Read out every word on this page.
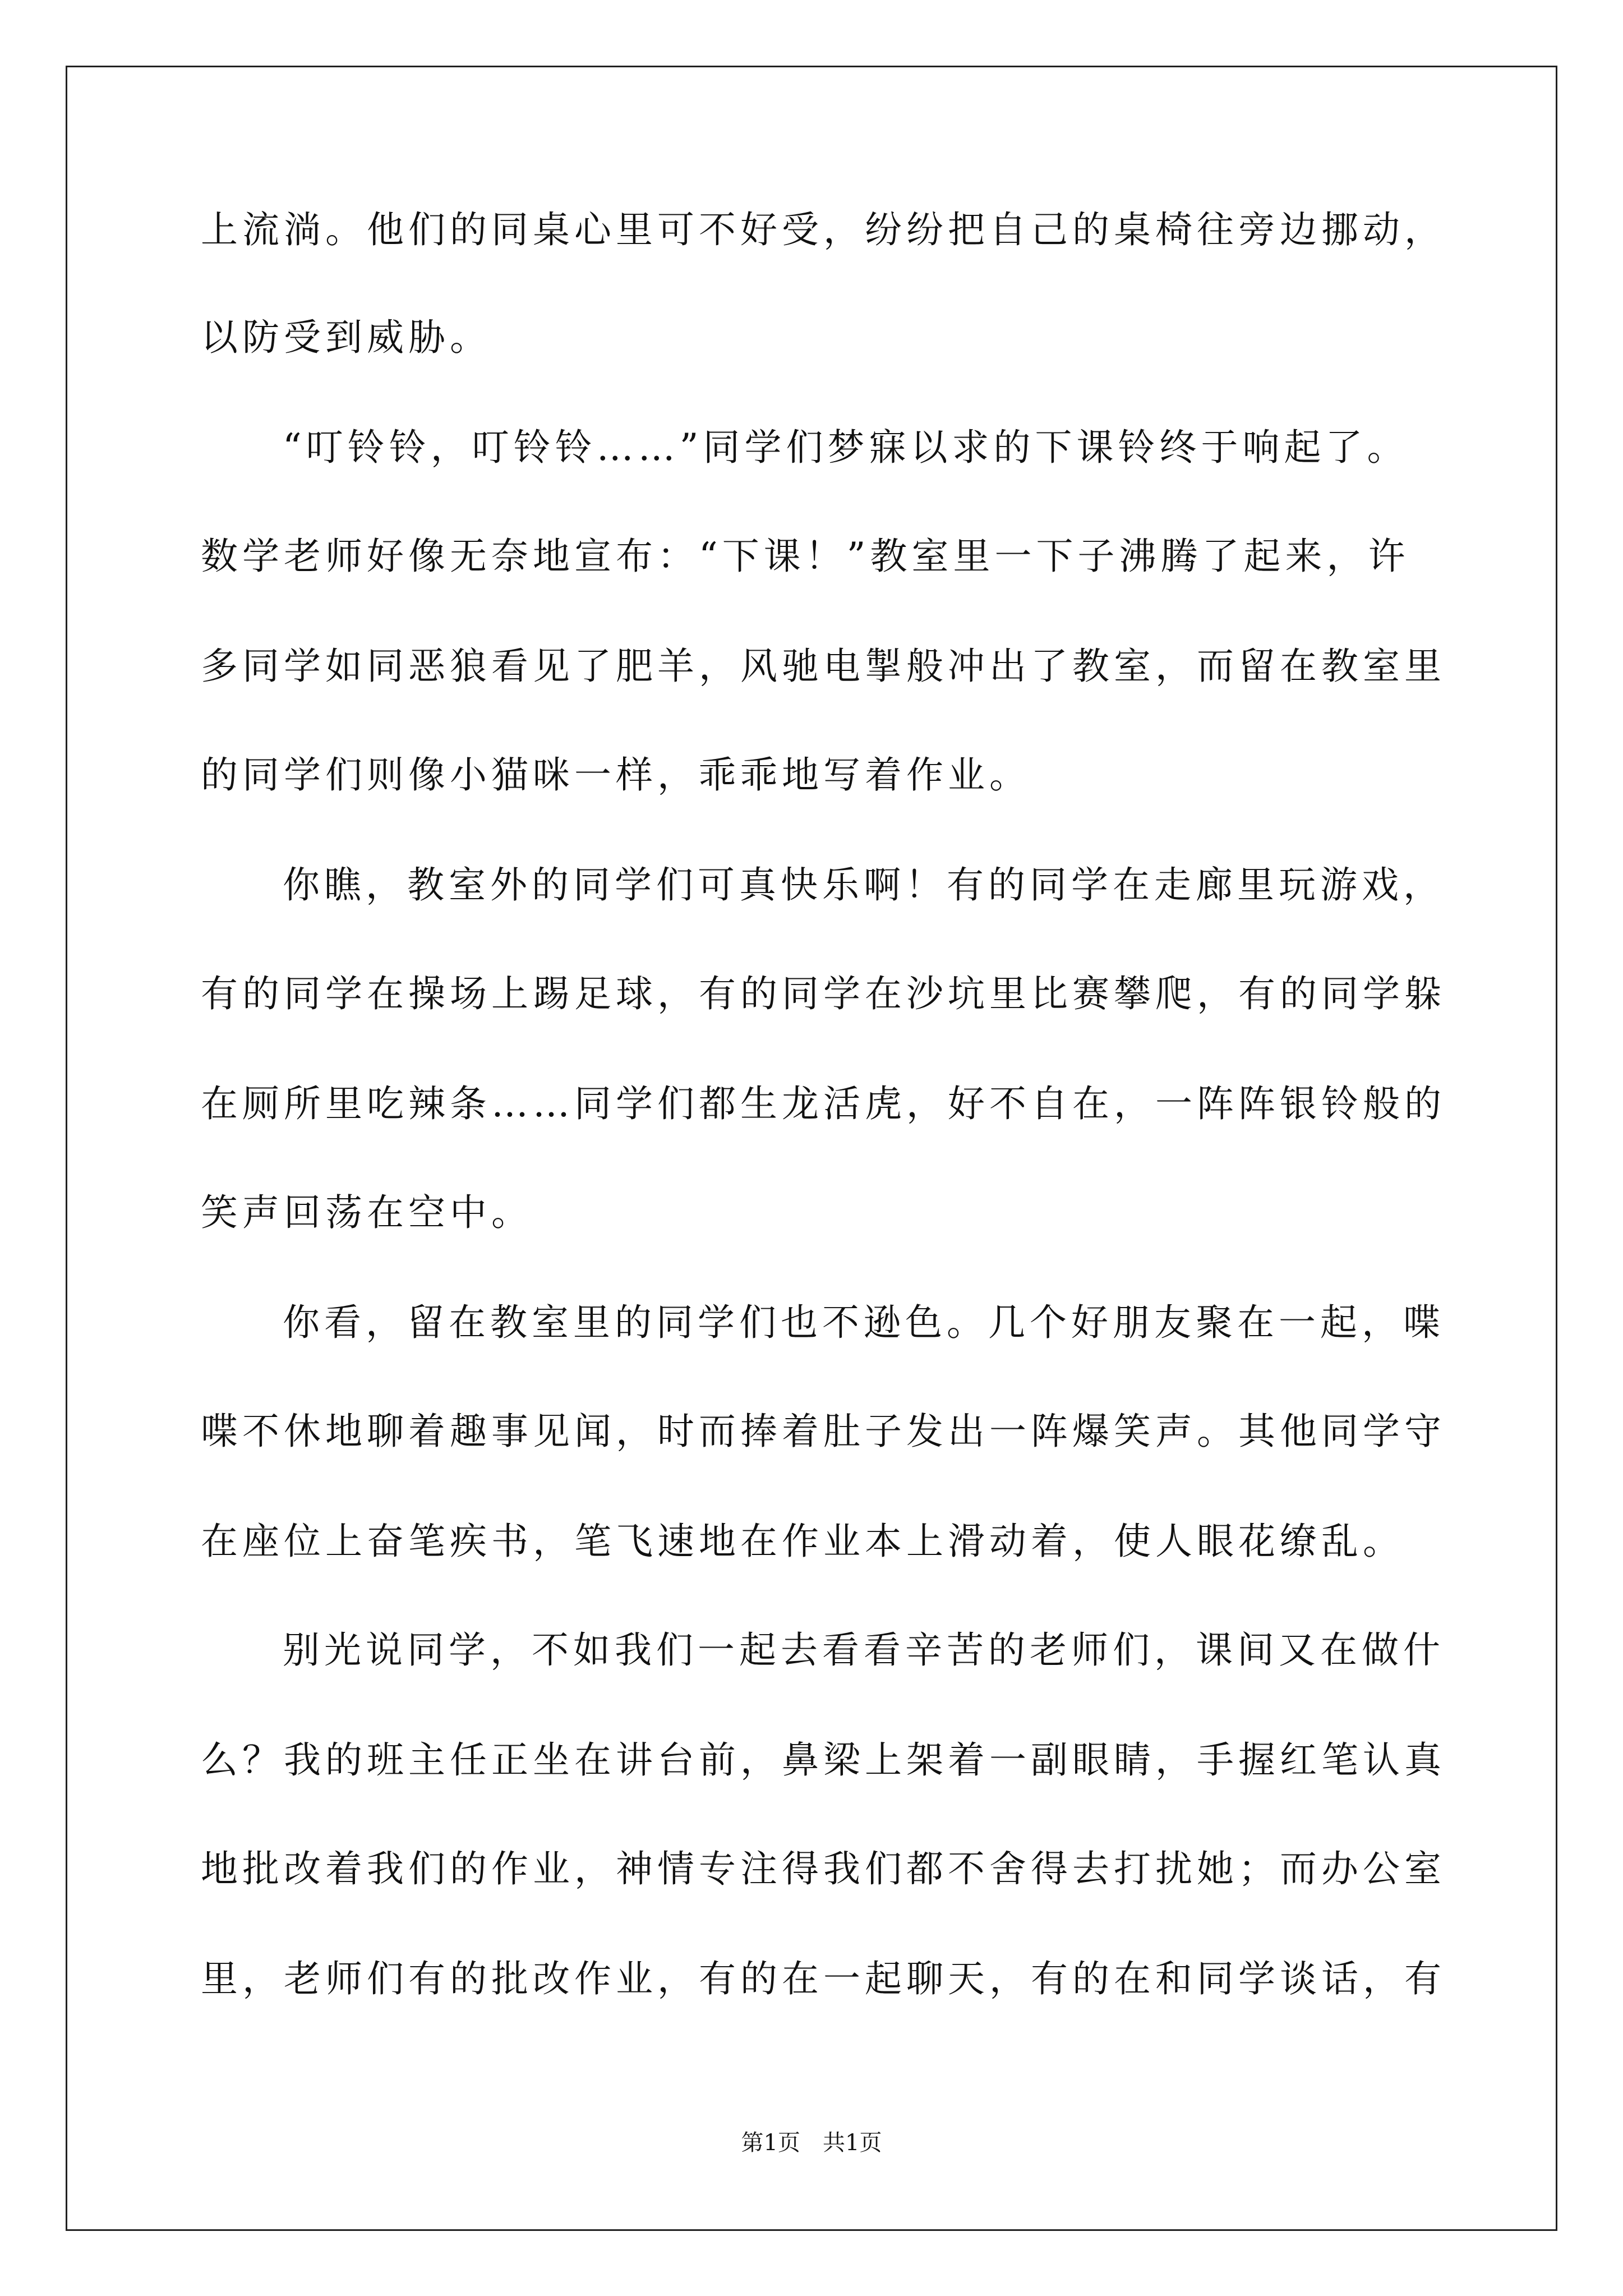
上流淌。他们的同桌心里可不好受，纷纷把自己的桌椅往旁边挪动，
以防受到威胁。
“叮铃铃，叮铃铃……”同学们梦寐以求的下课铃终于响起了。
数学老师好像无奈地宣布：“下课！”教室里一下子沸腾了起来，许
多同学如同恶狼看见了肥羊，风驰电掣般冲出了教室，而留在教室里
的同学们则像小猫咪一样，乖乖地写着作业。
你瞧，教室外的同学们可真快乐啊！有的同学在走廊里玩游戏，
有的同学在操场上踢足球，有的同学在沙坑里比赛攀爬，有的同学躲
在厕所里吃辣条……同学们都生龙活虎，好不自在，一阵阵银铃般的
笑声回荡在空中。
你看，留在教室里的同学们也不逊色。几个好朋友聚在一起，喋
喋不休地聊着趣事见闻，时而捧着肚子发出一阵爆笑声。其他同学守
在座位上奋笔疾书，笔飞速地在作业本上滑动着，使人眼花缭乱。
别光说同学，不如我们一起去看看辛苦的老师们，课间又在做什
么？我的班主任正坐在讲台前，鼻梁上架着一副眼睛，手握红笔认真
地批改着我们的作业，神情专注得我们都不舍得去打扰她；而办公室
里，老师们有的批改作业，有的在一起聊天，有的在和同学谈话，有
第1页　共1页
